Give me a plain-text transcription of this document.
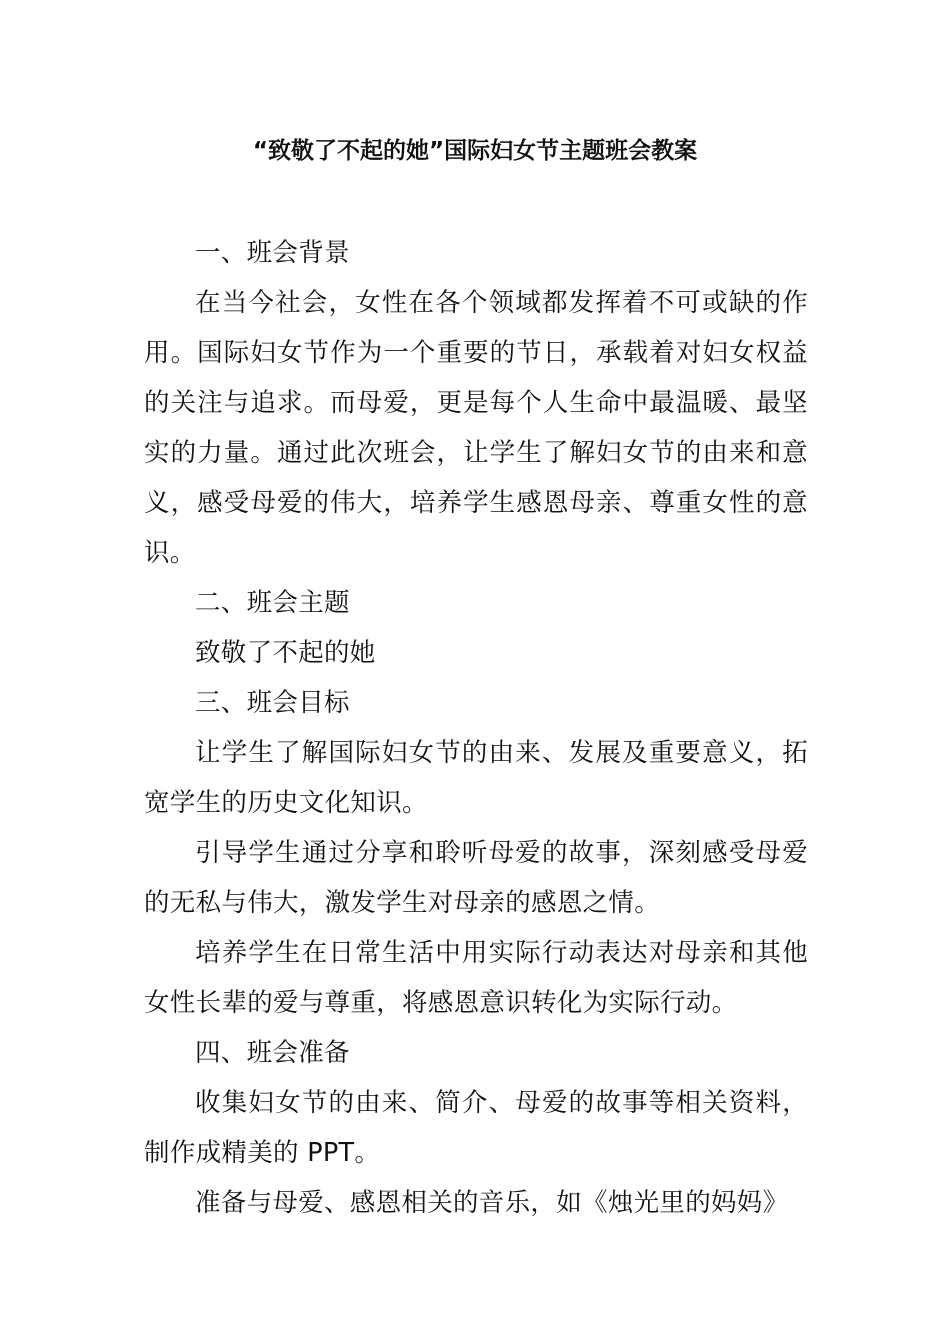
“致敬了不起的她”国际妇女节主题班会教案

一、班会背景

在当今社会，女性在各个领域都发挥着不可或缺的作用。国际妇女节作为一个重要的节日，承载着对妇女权益的关注与追求。而母爱，更是每个人生命中最温暖、最坚实的力量。通过此次班会，让学生了解妇女节的由来和意义，感受母爱的伟大，培养学生感恩母亲、尊重女性的意识。

二、班会主题

致敬了不起的她

三、班会目标

让学生了解国际妇女节的由来、发展及重要意义，拓宽学生的历史文化知识。

引导学生通过分享和聆听母爱的故事，深刻感受母爱的无私与伟大，激发学生对母亲的感恩之情。

培养学生在日常生活中用实际行动表达对母亲和其他女性长辈的爱与尊重，将感恩意识转化为实际行动。

四、班会准备

收集妇女节的由来、简介、母爱的故事等相关资料，制作成精美的 PPT。

准备与母爱、感恩相关的音乐，如《烛光里的妈妈》
